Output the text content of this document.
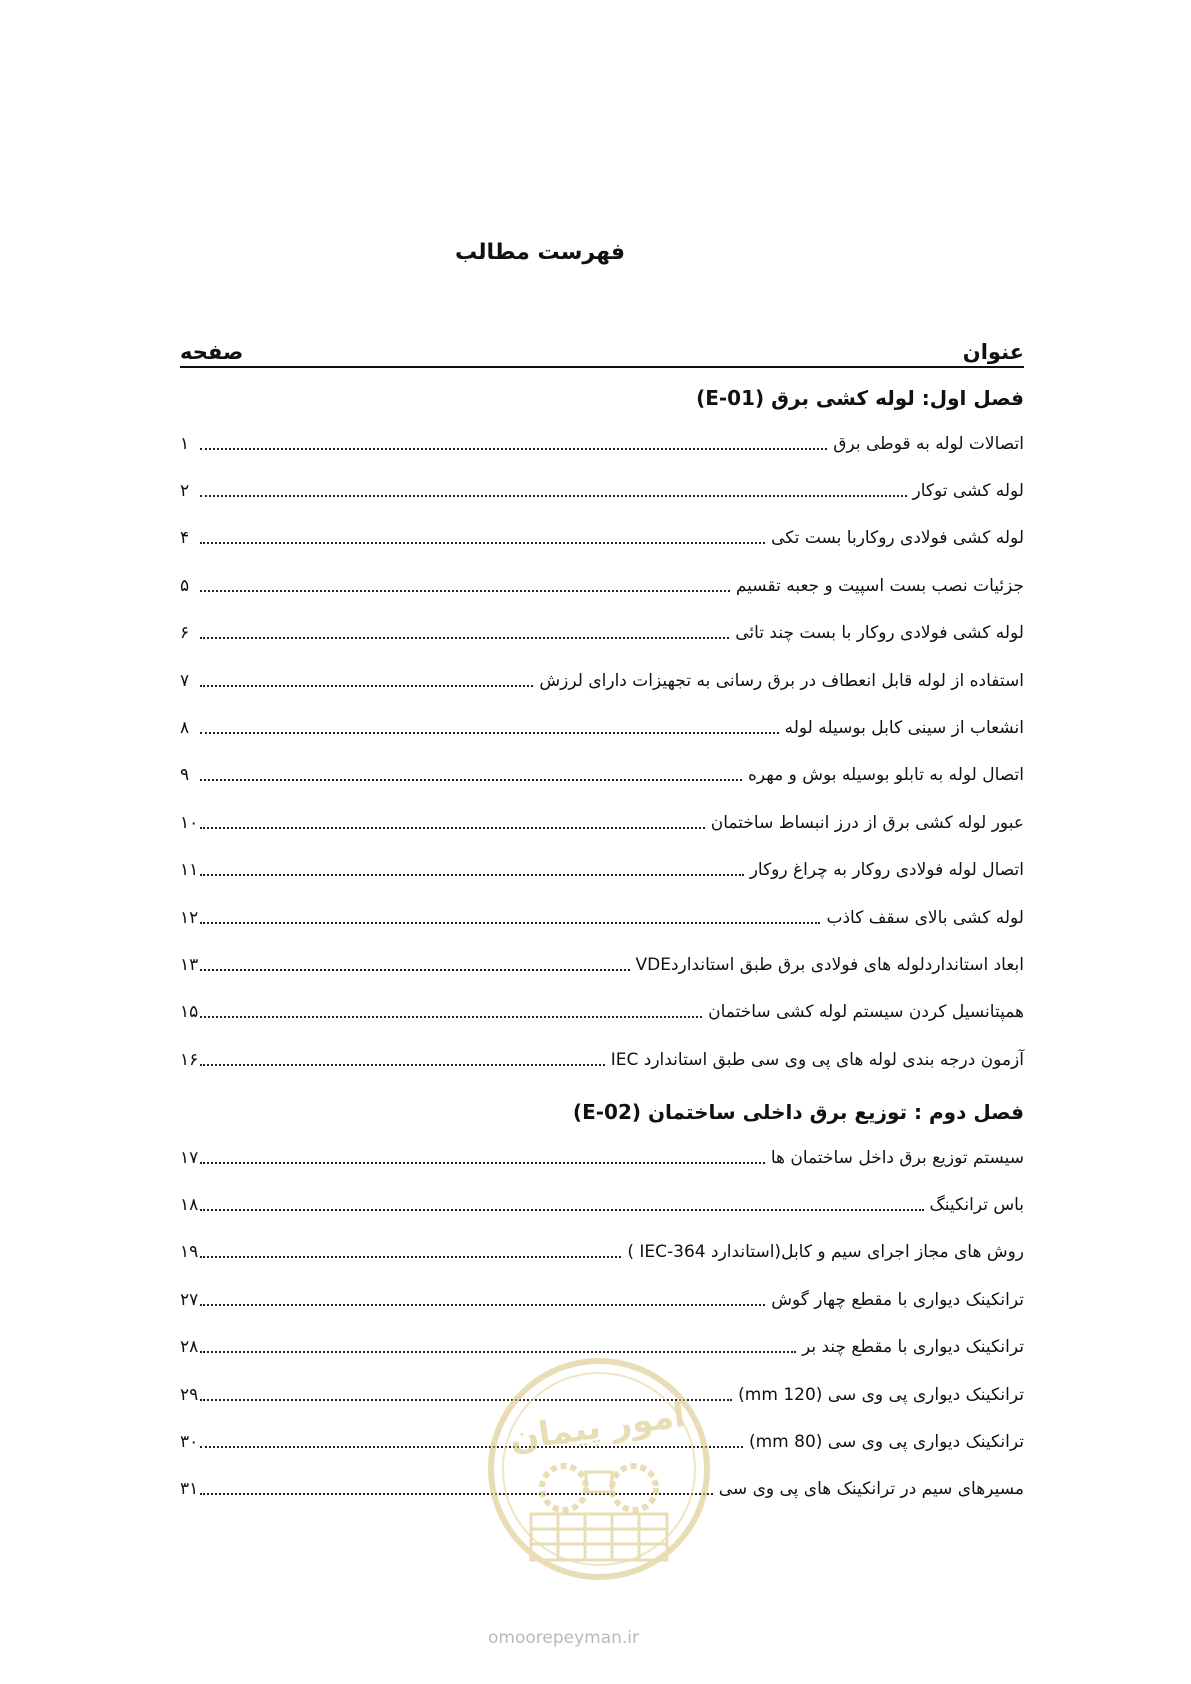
فهرست مطالب
عنوان
صفحه
فصل اول: لوله کشی برق (E-01)
اتصالات لوله به قوطی برق
۱
لوله کشی توکار
۲
لوله کشی فولادی روکاربا بست تکی
۴
جزئیات نصب بست اسپیت و جعبه تقسیم
۵
لوله کشی فولادی روکار با بست چند تائی
۶
استفاده از لوله قابل انعطاف در برق رسانی به تجهیزات دارای لرزش
۷
انشعاب از سینی کابل بوسیله لوله
۸
اتصال لوله به تابلو بوسیله بوش و مهره
۹
عبور لوله کشی برق از درز انبساط ساختمان
۱۰
اتصال لوله فولادی روکار به چراغ روکار
۱۱
لوله کشی بالای سقف کاذب
۱۲
ابعاد استانداردلوله های فولادی برق طبق استانداردVDE
۱۳
همپتانسیل کردن سیستم لوله کشی ساختمان
۱۵
آزمون درجه بندی لوله های پی وی سی طبق استاندارد IEC
۱۶
فصل دوم : توزیع برق داخلی ساختمان (E-02)
سیستم توزیع برق داخل ساختمان ها
۱۷
باس ترانکینگ
۱۸
روش های مجاز اجرای سیم و کابل(استاندارد IEC-364 )
۱۹
ترانکینک دیواری با مقطع چهار گوش
۲۷
ترانکینک دیواری با مقطع چند بر
۲۸
ترانکینک دیواری پی وی سی (120 mm)
۲۹
ترانکینک دیواری پی وی سی (80 mm)
۳۰
مسیرهای سیم در ترانکینک های پی وی سی
۳۱
امور پیمان
omoorepeyman.ir
